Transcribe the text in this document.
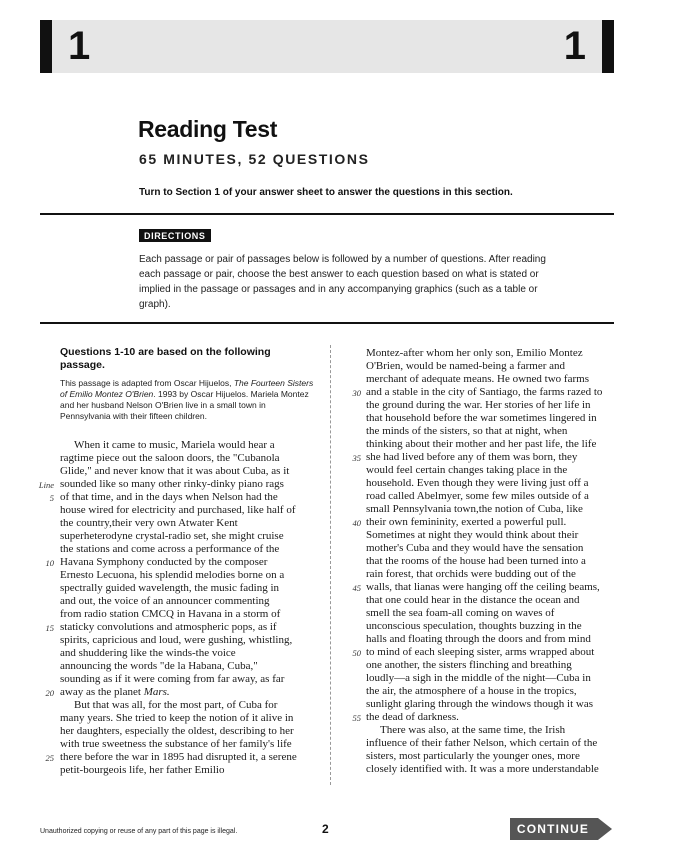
1	1
Reading Test
65 MINUTES, 52 QUESTIONS
Turn to Section 1 of your answer sheet to answer the questions in this section.
DIRECTIONS
Each passage or pair of passages below is followed by a number of questions. After reading each passage or pair, choose the best answer to each question based on what is stated or implied in the passage or passages and in any accompanying graphics (such as a table or graph).
Questions 1-10 are based on the following passage.
This passage is adapted from Oscar Hijuelos, The Fourteen Sisters of Emilio Montez O'Brien. 1993 by Oscar Hijuelos. Mariela Montez and her husband Nelson O'Brien live in a small town in Pennsylvania with their fifteen children.
When it came to music, Mariela would hear a
ragtime piece out the saloon doors, the "Cubanola
Glide," and never know that it was about Cuba, as it
sounded like so many other rinky-dinky piano rags
of that time, and in the days when Nelson had the
house wired for electricity and purchased, like half of
the country,their very own Atwater Kent
superheterodyne crystal-radio set, she might cruise
the stations and come across a performance of the
Havana Symphony conducted by the composer
Ernesto Lecuona, his splendid melodies borne on a
spectrally guided wavelength, the music fading in
and out, the voice of an announcer commenting
from radio station CMCQ in Havana in a storm of
staticky convolutions and atmospheric pops, as if
spirits, capricious and loud, were gushing, whistling,
and shuddering like the winds-the voice
announcing the words "de la Habana, Cuba,"
sounding as if it were coming from far away, as far
away as the planet Mars.
But that was all, for the most part, of Cuba for
many years. She tried to keep the notion of it alive in
her daughters, especially the oldest, describing to her
with true sweetness the substance of her family's life
there before the war in 1895 had disrupted it, a serene
petit-bourgeois life, her father Emilio
Line
5
10
15
20
25
Montez-after whom her only son, Emilio Montez
O'Brien, would be named-being a farmer and
merchant of adequate means. He owned two farms
and a stable in the city of Santiago, the farms razed to
the ground during the war. Her stories of her life in
that household before the war sometimes lingered in
the minds of the sisters, so that at night, when
thinking about their mother and her past life, the life
she had lived before any of them was born, they
would feel certain changes taking place in the
household. Even though they were living just off a
road called Abelmyer, some few miles outside of a
small Pennsylvania town,the notion of Cuba, like
their own femininity, exerted a powerful pull.
Sometimes at night they would think about their
mother's Cuba and they would have the sensation
that the rooms of the house had been turned into a
rain forest, that orchids were budding out of the
walls, that lianas were hanging off the ceiling beams,
that one could hear in the distance the ocean and
smell the sea foam-all coming on waves of
unconscious speculation, thoughts buzzing in the
halls and floating through the doors and from mind
to mind of each sleeping sister, arms wrapped about
one another, the sisters flinching and breathing
loudly—a sigh in the middle of the night—Cuba in
the air, the atmosphere of a house in the tropics,
sunlight glaring through the windows though it was
the dead of darkness.
There was also, at the same time, the Irish
influence of their father Nelson, which certain of the
sisters, most particularly the younger ones, more
closely identified with. It was a more understandable
30
35
40
45
50
55
Unauthorized copying or reuse of any part of this page is illegal.	2	CONTINUE
